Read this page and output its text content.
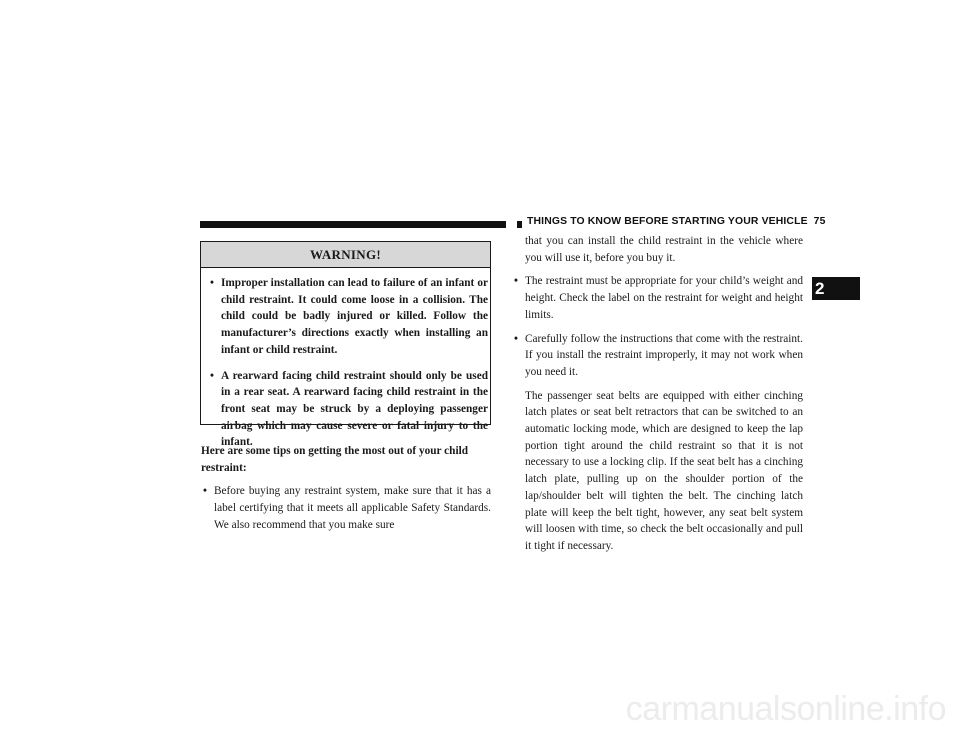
THINGS TO KNOW BEFORE STARTING YOUR VEHICLE 75
2
WARNING!
• Improper installation can lead to failure of an infant or child restraint. It could come loose in a collision. The child could be badly injured or killed. Follow the manufacturer’s directions exactly when installing an infant or child restraint.
• A rearward facing child restraint should only be used in a rear seat. A rearward facing child restraint in the front seat may be struck by a deploying passenger airbag which may cause severe or fatal injury to the infant.

Here are some tips on getting the most out of your child restraint:

• Before buying any restraint system, make sure that it has a label certifying that it meets all applicable Safety Standards. We also recommend that you make sure

that you can install the child restraint in the vehicle where you will use it, before you buy it.

• The restraint must be appropriate for your child’s weight and height. Check the label on the restraint for weight and height limits.
• Carefully follow the instructions that come with the restraint. If you install the restraint improperly, it may not work when you need it.

The passenger seat belts are equipped with either cinching latch plates or seat belt retractors that can be switched to an automatic locking mode, which are designed to keep the lap portion tight around the child restraint so that it is not necessary to use a locking clip. If the seat belt has a cinching latch plate, pulling up on the shoulder portion of the lap/shoulder belt will tighten the belt. The cinching latch plate will keep the belt tight, however, any seat belt system will loosen with time, so check the belt occasionally and pull it tight if necessary.

carmanualsonline.info
